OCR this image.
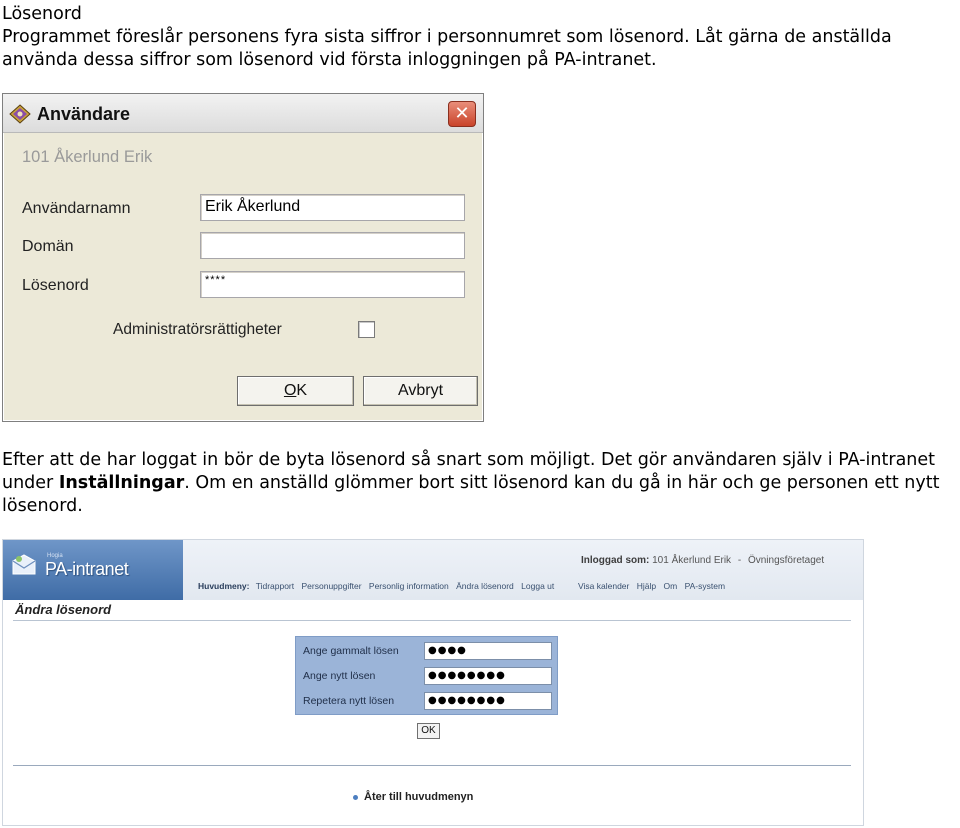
Lösenord
Programmet föreslår personens fyra sista siffror i personnumret som lösenord. Låt gärna de anställda använda dessa siffror som lösenord vid första inloggningen på PA-intranet.
Användare	✕
101 Åkerlund Erik
Användarnamn	Erik Åkerlund
Domän
Lösenord	****
Administratörsrättigheter
OK	Avbryt
Efter att de har loggat in bör de byta lösenord så snart som möjligt. Det gör användaren själv i PA-intranet under Inställningar. Om en anställd glömmer bort sitt lösenord kan du gå in här och ge personen ett nytt lösenord.
Hogia
PA-intranet	Inloggad som: 101 Åkerlund Erik - Övningsföretaget
Huvudmeny: Tidrapport Personuppgifter Personlig information Ändra lösenord Logga ut	Visa kalender Hjälp Om PA-system
Ändra lösenord
Ange gammalt lösen	●●●●
Ange nytt lösen	●●●●●●●●
Repetera nytt lösen	●●●●●●●●
OK
Åter till huvudmenyn
